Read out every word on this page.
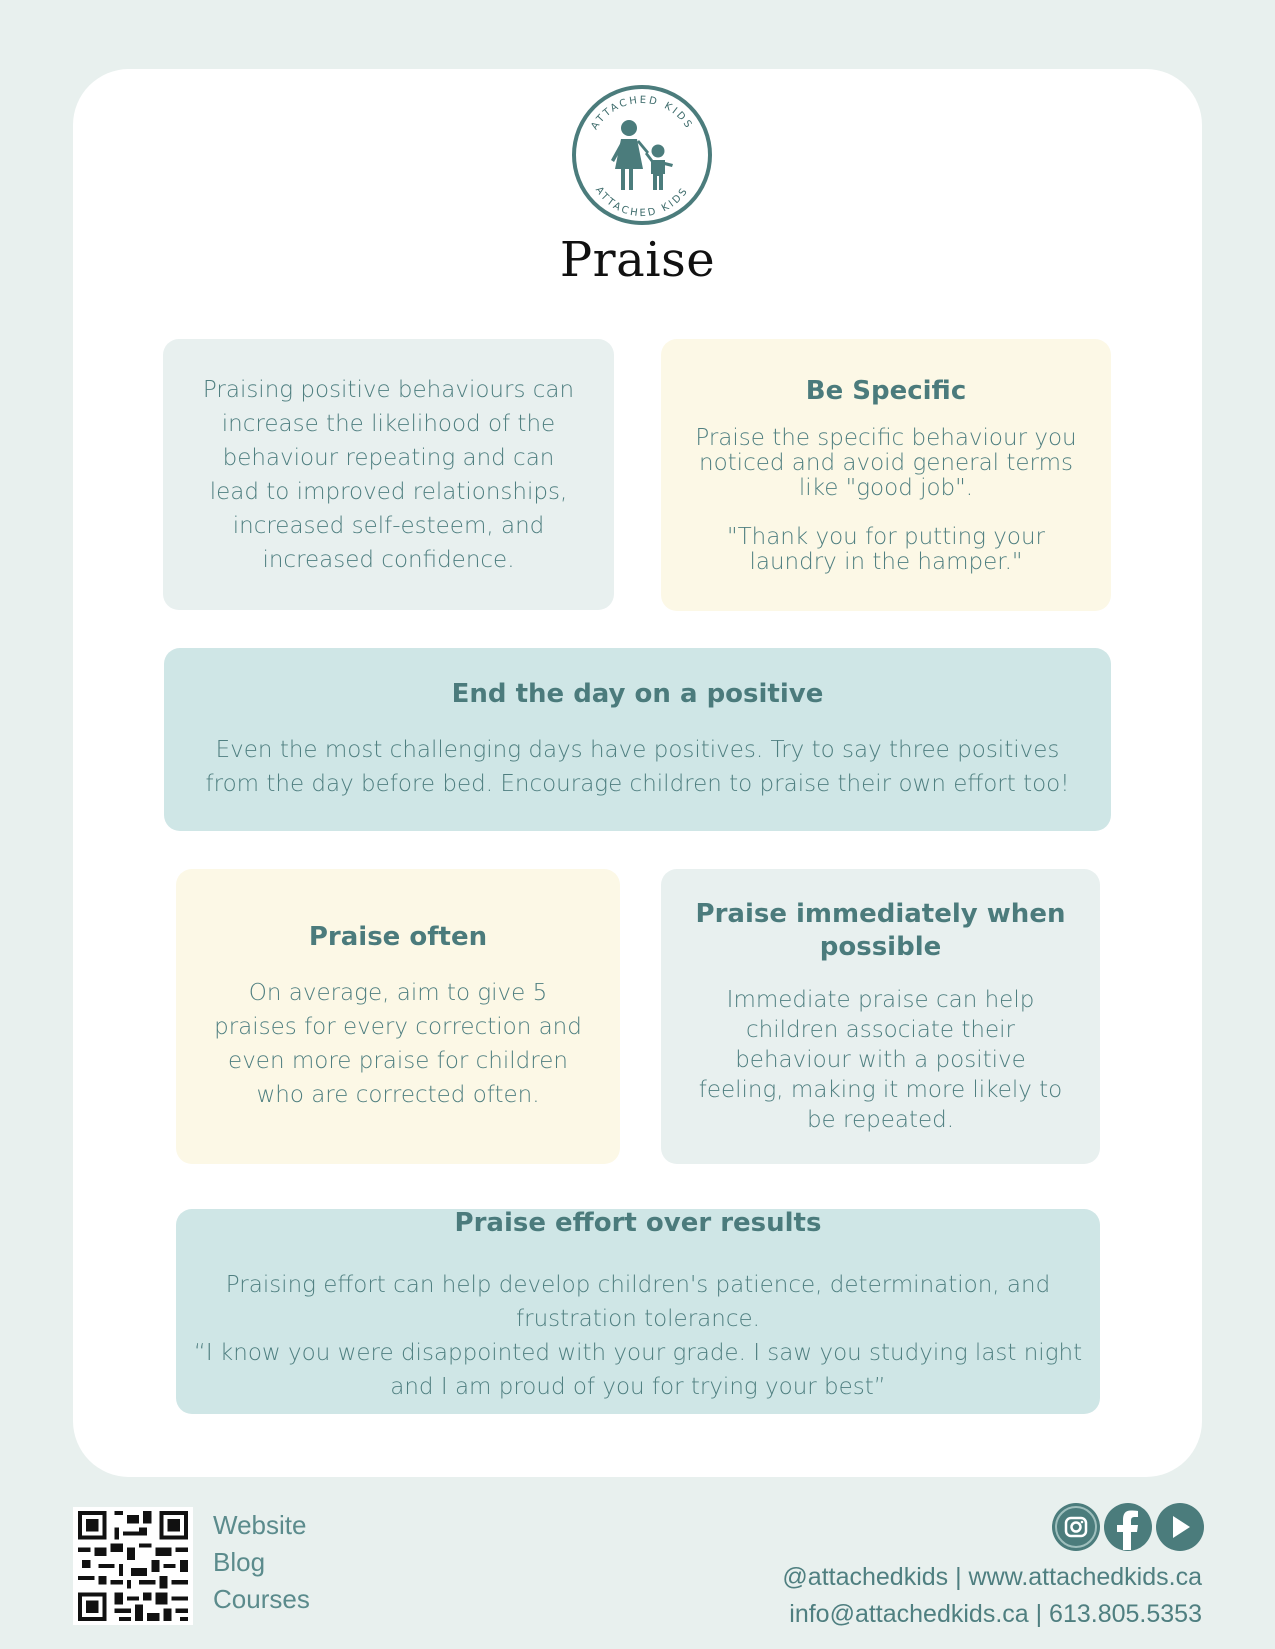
ATTACHED KIDS
ATTACHED KIDS
Praise

Praising positive behaviours can increase the likelihood of the behaviour repeating and can lead to improved relationships, increased self-esteem, and increased confidence.

Be Specific

Praise the specific behaviour you noticed and avoid general terms like "good job".

"Thank you for putting your laundry in the hamper."

End the day on a positive

Even the most challenging days have positives. Try to say three positives from the day before bed. Encourage children to praise their own effort too!

Praise often

On average, aim to give 5 praises for every correction and even more praise for children who are corrected often.

Praise immediately when possible

Immediate praise can help children associate their behaviour with a positive feeling, making it more likely to be repeated.

Praise effort over results

Praising effort can help develop children's patience, determination, and frustration tolerance.

“I know you were disappointed with your grade. I saw you studying last night and I am proud of you for trying your best”

Website
Blog
Courses
@attachedkids | www.attachedkids.ca
info@attachedkids.ca | 613.805.5353
